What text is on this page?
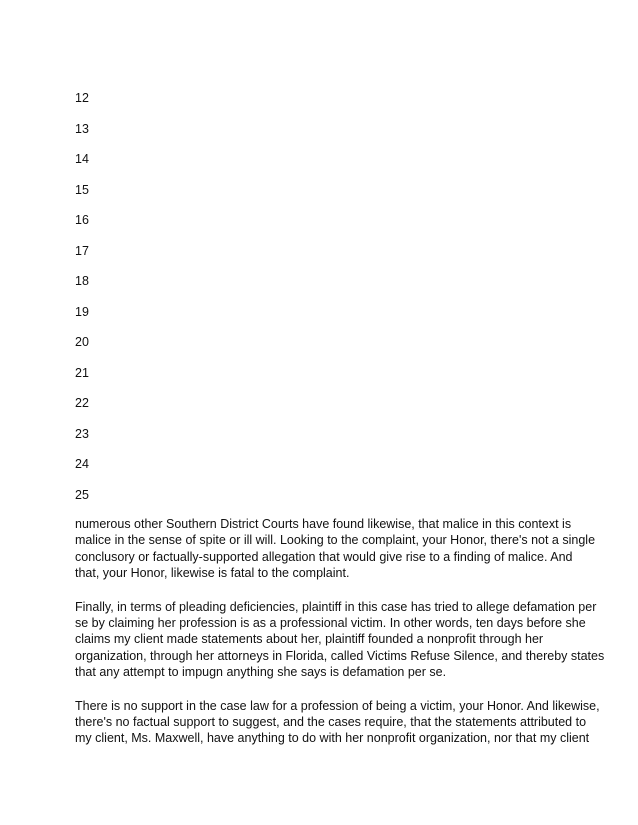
12
13
14
15
16
17
18
19
20
21
22
23
24
25

numerous other Southern District Courts have found likewise, that malice in this context is
malice in the sense of spite or ill will. Looking to the complaint, your Honor, there's not a single
conclusory or factually-supported allegation that would give rise to a finding of malice. And
that, your Honor, likewise is fatal to the complaint.

Finally, in terms of pleading deficiencies, plaintiff in this case has tried to allege defamation per
se by claiming her profession is as a professional victim. In other words, ten days before she
claims my client made statements about her, plaintiff founded a nonprofit through her
organization, through her attorneys in Florida, called Victims Refuse Silence, and thereby states
that any attempt to impugn anything she says is defamation per se.

There is no support in the case law for a profession of being a victim, your Honor. And likewise,
there's no factual support to suggest, and the cases require, that the statements attributed to
my client, Ms. Maxwell, have anything to do with her nonprofit organization, nor that my client
